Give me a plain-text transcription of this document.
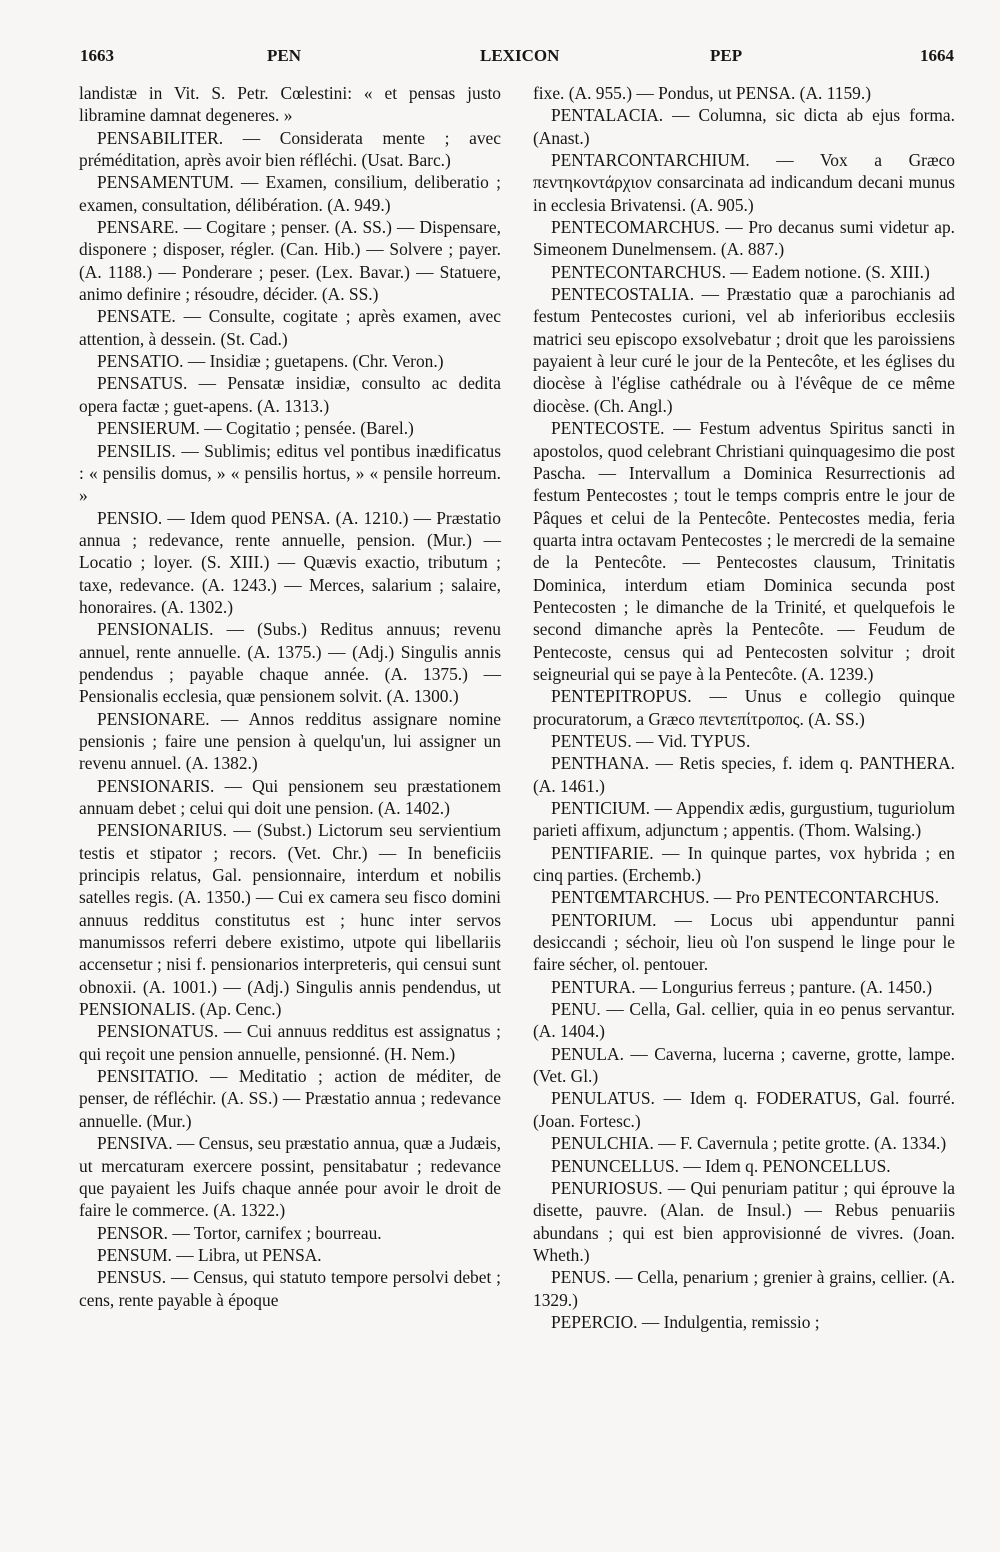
1663	PEN	LEXICON	PEP	1664
landistæ in Vit. S. Petr. Cœlestini: « et pensas justo libramine damnat degeneres. »
PENSABILITER. — Considerata mente ; avec préméditation, après avoir bien réfléchi. (Usat. Barc.)
PENSAMENTUM. — Examen, consilium, deliberatio ; examen, consultation, délibération. (A. 949.)
PENSARE. — Cogitare ; penser. (A. SS.) — Dispensare, disponere ; disposer, régler. (Can. Hib.) — Solvere ; payer. (A. 1188.) — Ponderare ; peser. (Lex. Bavar.) — Statuere, animo definire ; résoudre, décider. (A. SS.)
PENSATE. — Consulte, cogitate ; après examen, avec attention, à dessein. (St. Cad.)
PENSATIO. — Insidiæ ; guetapens. (Chr. Veron.)
PENSATUS. — Pensatæ insidiæ, consulto ac dedita opera factæ ; guet-apens. (A. 1313.)
PENSIERUM. — Cogitatio ; pensée. (Barel.)
PENSILIS. — Sublimis; editus vel pontibus inædificatus : « pensilis domus, » « pensilis hortus, » « pensile horreum. »
PENSIO. — Idem quod PENSA. (A. 1210.) — Præstatio annua ; redevance, rente annuelle, pension. (Mur.) — Locatio ; loyer. (S. XIII.) — Quævis exactio, tributum ; taxe, redevance. (A. 1243.) — Merces, salarium ; salaire, honoraires. (A. 1302.)
PENSIONALIS. — (Subs.) Reditus annuus; revenu annuel, rente annuelle. (A. 1375.) — (Adj.) Singulis annis pendendus ; payable chaque année. (A. 1375.) — Pensionalis ecclesia, quæ pensionem solvit. (A. 1300.)
PENSIONARE. — Annos redditus assignare nomine pensionis ; faire une pension à quelqu'un, lui assigner un revenu annuel. (A. 1382.)
PENSIONARIS. — Qui pensionem seu præstationem annuam debet ; celui qui doit une pension. (A. 1402.)
PENSIONARIUS. — (Subst.) Lictorum seu servientium testis et stipator ; recors. (Vet. Chr.) — In beneficiis principis relatus, Gal. pensionnaire, interdum et nobilis satelles regis. (A. 1350.) — Cui ex camera seu fisco domini annuus redditus constitutus est ; hunc inter servos manumissos referri debere existimo, utpote qui libellariis accensetur ; nisi f. pensionarios interpreteris, qui censui sunt obnoxii. (A. 1001.) — (Adj.) Singulis annis pendendus, ut PENSIONALIS. (Ap. Cenc.)
PENSIONATUS. — Cui annuus redditus est assignatus ; qui reçoit une pension annuelle, pensionné. (H. Nem.)
PENSITATIO. — Meditatio ; action de méditer, de penser, de réfléchir. (A. SS.) — Præstatio annua ; redevance annuelle. (Mur.)
PENSIVA. — Census, seu præstatio annua, quæ a Judæis, ut mercaturam exercere possint, pensitabatur ; redevance que payaient les Juifs chaque année pour avoir le droit de faire le commerce. (A. 1322.)
PENSOR. — Tortor, carnifex ; bourreau.
PENSUM. — Libra, ut PENSA.
PENSUS. — Census, qui statuto tempore persolvi debet ; cens, rente payable à époque
fixe. (A. 955.) — Pondus, ut PENSA. (A. 1159.)
PENTALACIA. — Columna, sic dicta ab ejus forma. (Anast.)
PENTARCONTARCHIUM. — Vox a Græco πεντηκοντάρχιον consarcinata ad indicandum decani munus in ecclesia Brivatensi. (A. 905.)
PENTECOMARCHUS. — Pro decanus sumi videtur ap. Simeonem Dunelmensem. (A. 887.)
PENTECONTARCHUS. — Eadem notione. (S. XIII.)
PENTECOSTALIA. — Præstatio quæ a parochianis ad festum Pentecostes curioni, vel ab inferioribus ecclesiis matrici seu episcopo exsolvebatur ; droit que les paroissiens payaient à leur curé le jour de la Pentecôte, et les églises du diocèse à l'église cathédrale ou à l'évêque de ce même diocèse. (Ch. Angl.)
PENTECOSTE. — Festum adventus Spiritus sancti in apostolos, quod celebrant Christiani quinquagesimo die post Pascha. — Intervallum a Dominica Resurrectionis ad festum Pentecostes ; tout le temps compris entre le jour de Pâques et celui de la Pentecôte. Pentecostes media, feria quarta intra octavam Pentecostes ; le mercredi de la semaine de la Pentecôte. — Pentecostes clausum, Trinitatis Dominica, interdum etiam Dominica secunda post Pentecosten ; le dimanche de la Trinité, et quelquefois le second dimanche après la Pentecôte. — Feudum de Pentecoste, census qui ad Pentecosten solvitur ; droit seigneurial qui se paye à la Pentecôte. (A. 1239.)
PENTEPITROPUS. — Unus e collegio quinque procuratorum, a Græco πεντεπίτροπος. (A. SS.)
PENTEUS. — Vid. TYPUS.
PENTHANA. — Retis species, f. idem q. PANTHERA. (A. 1461.)
PENTICIUM. — Appendix ædis, gurgustium, tuguriolum parieti affixum, adjunctum ; appentis. (Thom. Walsing.)
PENTIFARIE. — In quinque partes, vox hybrida ; en cinq parties. (Erchemb.)
PENTŒMTARCHUS. — Pro PENTECONTARCHUS.
PENTORIUM. — Locus ubi appenduntur panni desiccandi ; séchoir, lieu où l'on suspend le linge pour le faire sécher, ol. pentouer.
PENTURA. — Longurius ferreus ; panture. (A. 1450.)
PENU. — Cella, Gal. cellier, quia in eo penus servantur. (A. 1404.)
PENULA. — Caverna, lucerna ; caverne, grotte, lampe. (Vet. Gl.)
PENULATUS. — Idem q. FODERATUS, Gal. fourré. (Joan. Fortesc.)
PENULCHIA. — F. Cavernula ; petite grotte. (A. 1334.)
PENUNCELLUS. — Idem q. PENONCELLUS.
PENURIOSUS. — Qui penuriam patitur ; qui éprouve la disette, pauvre. (Alan. de Insul.) — Rebus penuariis abundans ; qui est bien approvisionné de vivres. (Joan. Wheth.)
PENUS. — Cella, penarium ; grenier à grains, cellier. (A. 1329.)
PEPERCIO. — Indulgentia, remissio ;
